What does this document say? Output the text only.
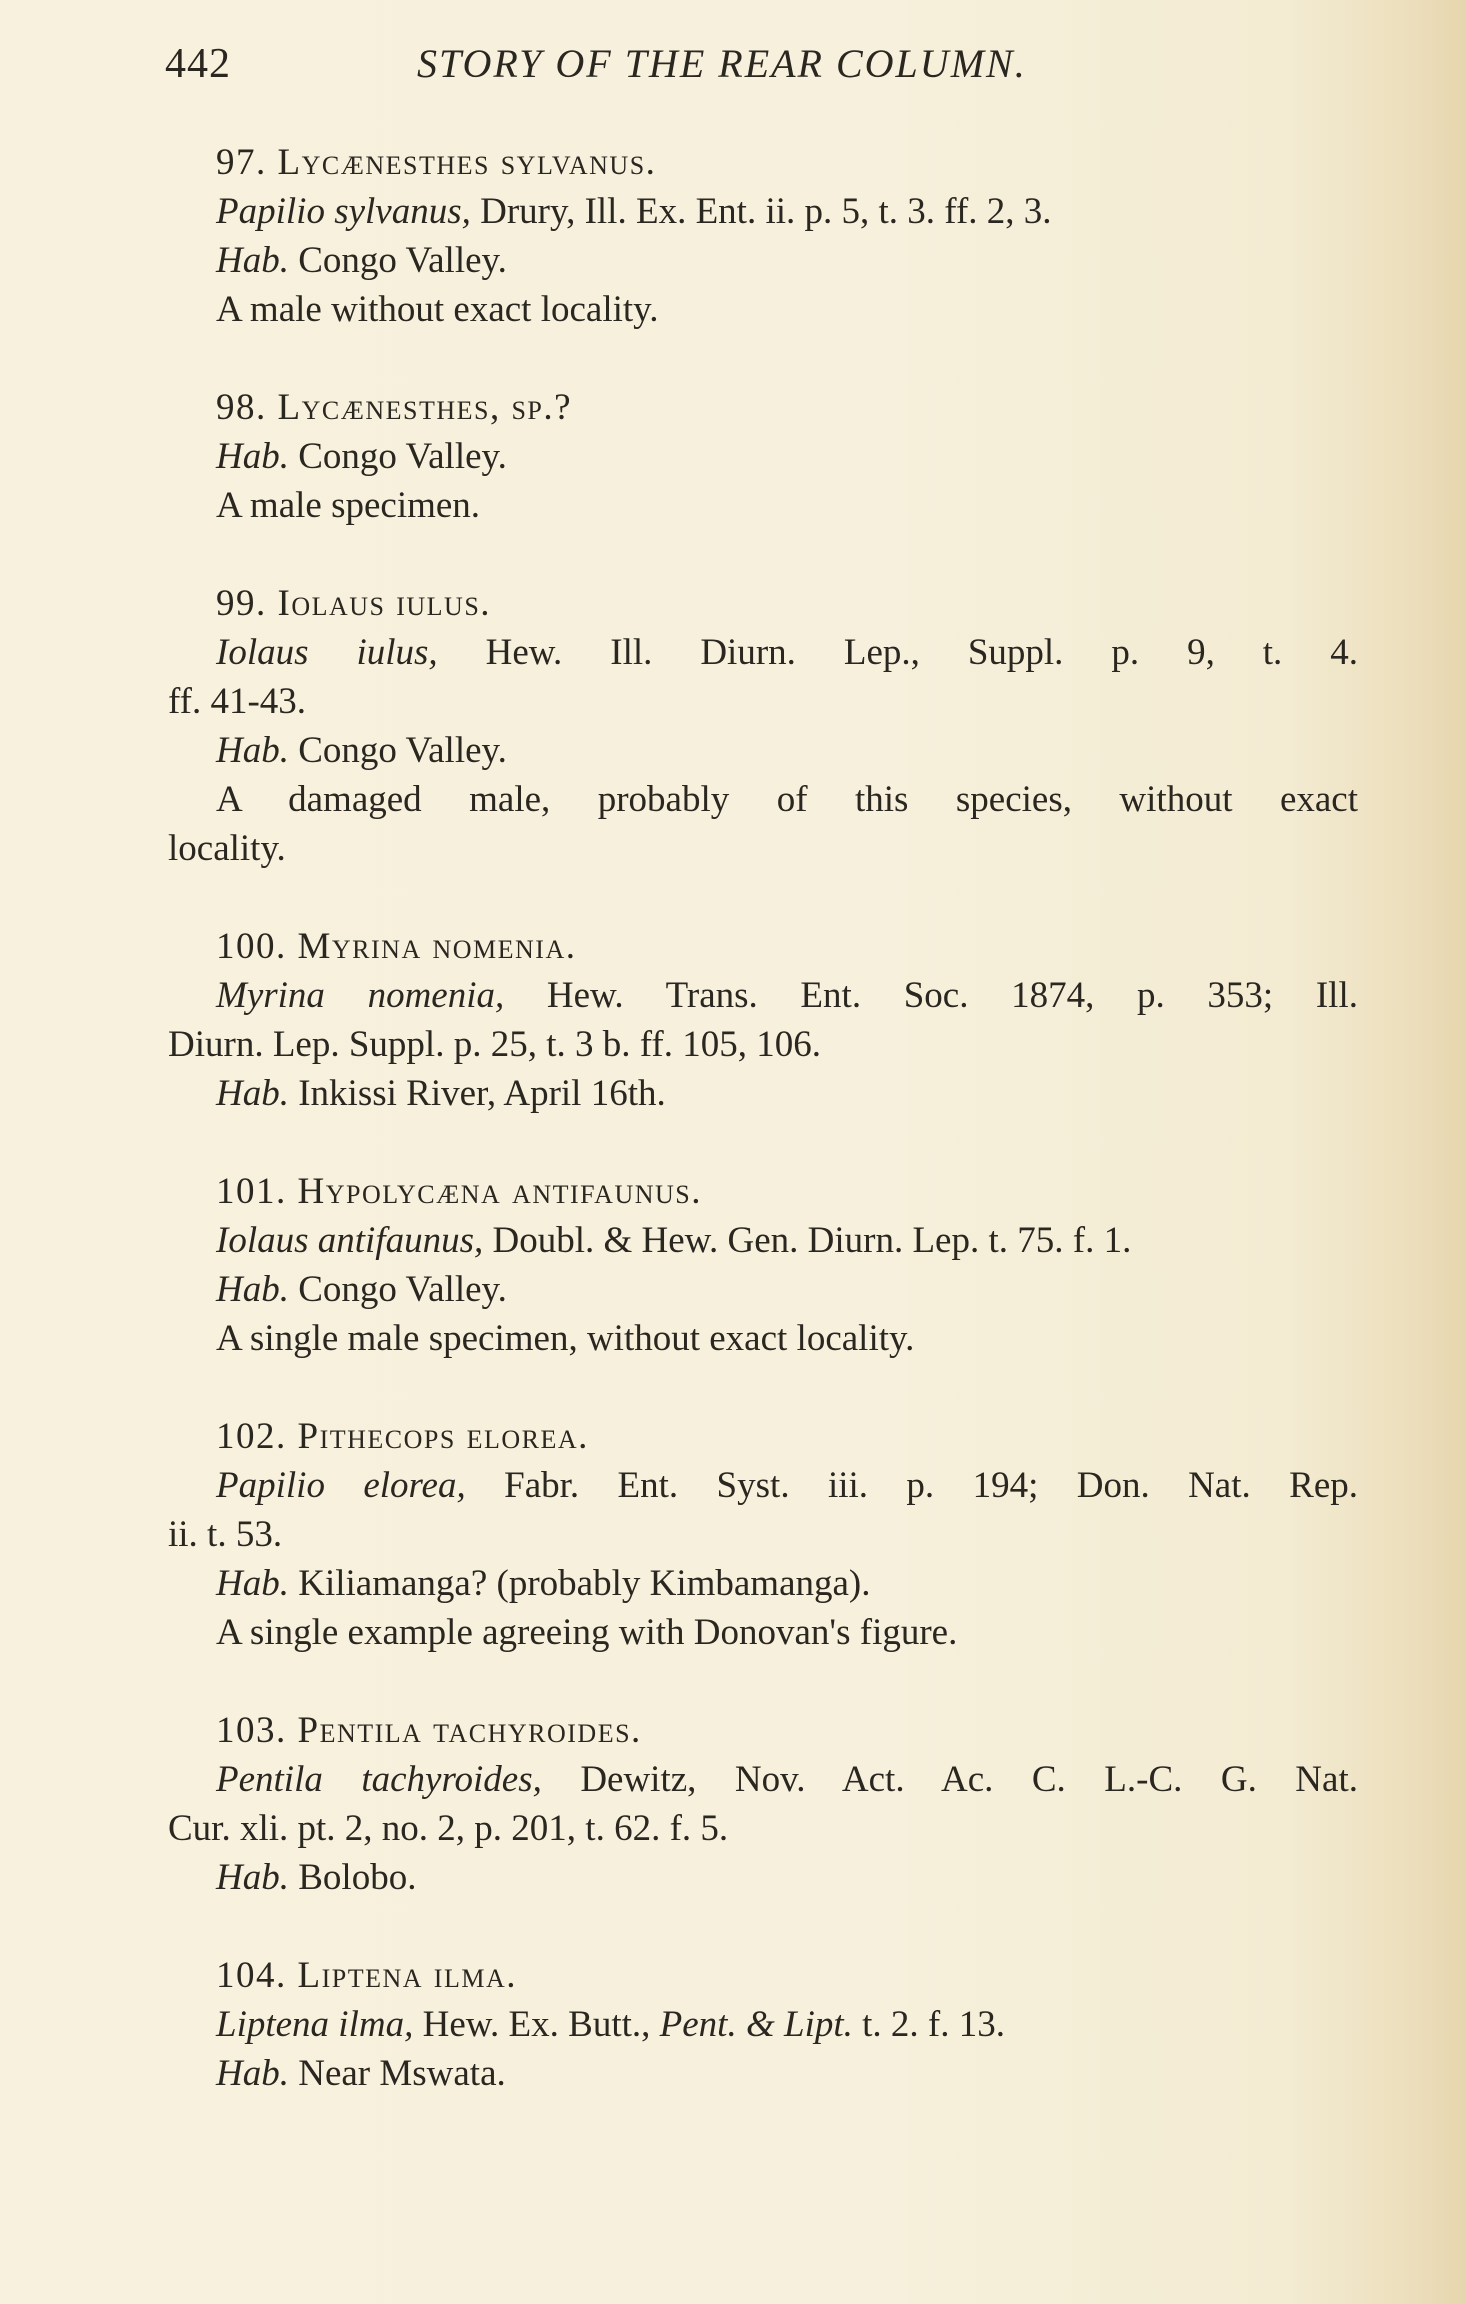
442	STORY OF THE REAR COLUMN.
97. Lycænesthes sylvanus.
Papilio sylvanus, Drury, Ill. Ex. Ent. ii. p. 5, t. 3. ff. 2, 3.
Hab. Congo Valley.
A male without exact locality.
98. Lycænesthes, sp.?
Hab. Congo Valley.
A male specimen.
99. Iolaus iulus.
Iolaus iulus, Hew. Ill. Diurn. Lep., Suppl. p. 9, t. 4.
ff. 41-43.
Hab. Congo Valley.
A damaged male, probably of this species, without exact
locality.
100. Myrina nomenia.
Myrina nomenia, Hew. Trans. Ent. Soc. 1874, p. 353; Ill.
Diurn. Lep. Suppl. p. 25, t. 3 b. ff. 105, 106.
Hab. Inkissi River, April 16th.
101. Hypolycæna antifaunus.
Iolaus antifaunus, Doubl. & Hew. Gen. Diurn. Lep. t. 75. f. 1.
Hab. Congo Valley.
A single male specimen, without exact locality.
102. Pithecops elorea.
Papilio elorea, Fabr. Ent. Syst. iii. p. 194; Don. Nat. Rep.
ii. t. 53.
Hab. Kiliamanga? (probably Kimbamanga).
A single example agreeing with Donovan's figure.
103. Pentila tachyroides.
Pentila tachyroides, Dewitz, Nov. Act. Ac. C. L.-C. G. Nat.
Cur. xli. pt. 2, no. 2, p. 201, t. 62. f. 5.
Hab. Bolobo.
104. Liptena ilma.
Liptena ilma, Hew. Ex. Butt., Pent. & Lipt. t. 2. f. 13.
Hab. Near Mswata.
